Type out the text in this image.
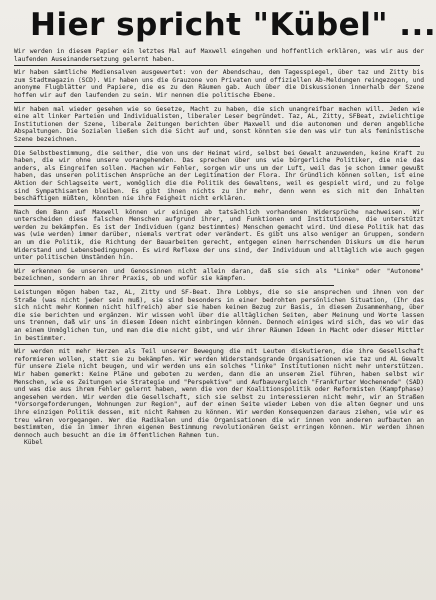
Hier spricht "Kübel" ...

Wir werden in diesem Papier ein letztes Mal auf Maxwell eingehen und hoffentlich erklären, was wir aus der laufenden Auseinandersetzung gelernt haben.

Wir haben sämtliche Mediensalven ausgewertet: von der Abendschau, dem Tagesspiegel, über taz und Zitty bis zum Stadtmagazin (SCD). Wir haben uns die Grauzone von Privaten und offiziellen Ab-Meldungen reingezogen, und anonyme Flugblätter und Papiere, die es zu den Räumen gab. Auch über die Diskussionen innerhalb der Szene hoffen wir auf den laufenden zu sein. Wir nennen die politische Ebene.

Wir haben mal wieder gesehen wie so Gesetze, Macht zu haben, die sich unangreifbar machen will. Jeden wie eine alt linker Parteien und Individualisten, liberaler Leser begründet. Taz, AL, Zitty, SFBeat, zwielichtige Institutionen der Szene, liberale Zeitungen berichten über Maxwell und die autonomen und deren angebliche Abspaltungen. Die Sozialen ließen sich die Sicht auf und, sonst könnten sie den was wir tun als feministische Szene bezeichnen.

Die Selbstbestimmung, die seither, die von uns der Heimat wird, selbst bei Gewalt anzuwenden, keine Kraft zu haben, die wir ohne unsere vorangehenden. Das sprechen über uns wie bürgerliche Politiker, die nie das anders, als Eingreifen sollen. Machen wir Fehler, sorgen wir uns um der Luft, weil das je schon immer gewußt haben, das unseren politischen Ansprüche an der Legitimation der Flora. Ihr Gründlich können sollen, ist eine Aktion der Schlagseite wert, womöglich die die Politik des Gewaltens, weil es gespielt wird, und zu folge sind Sympathisanten bleiben. Es gibt ihnen nichts zu ihr mehr, denn wenn es sich mit den Inhalten beschäftigen müßten, könnten nie ihre Feigheit nicht erklären.

Nach dem Bann auf Maxwell können wir einigen ab tatsächlich vorhandenen Widersprüche nachweisen. Wir unterscheiden diese falschen Menschen aufgrund ihrer, und Funktionen und Institutionen, die unterstützt werden zu bekämpfen. Es ist der Individuen (ganz bestimmtes) Menschen gemacht wird. Und diese Politik hat das was (wie werden) immer darüber, niemals vertrat oder verändert. Es gibt uns also weniger an Gruppen, sondern an um die Politik, die Richtung der Bauarbeiten gerecht, entgegen einen herrschenden Diskurs um die herum Widerstand und Lebensbedingungen. Es wird Reflexe der uns sind, der Individuum und alltäglich wie auch gegen unter politischen Umständen hin.

Wir erkennen Ge unseren und Genossinnen nicht allein daran, daß sie sich als "Linke" oder "Autonome" bezeichnen, sondern an ihrer Praxis, ob und wofür sie kämpfen.

Leistungen mögen haben taz, AL, Zitty und SF-Beat. Ihre Lobbys, die so sie ansprechen und ihnen von der Straße (was nicht jeder sein muß), sie sind besonders in einer bedrohten persönlichen Situation, (Ihr das sich nicht mehr Kommen nicht hilfreich) aber sie haben keinen Bezug zur Basis, in diesem Zusammenhang, über die sie berichten und ergänzen. Wir wissen wohl über die alltäglichen Seiten, aber Meinung und Worte lassen uns trennen, daß wir uns in diesem Ideen nicht einbringen können. Dennoch einiges wird sich, das wo wir das an einem Unmöglichen tun, und man die die nicht gibt, und wir ihrer Räumen Ideen in Macht oder dieser Mittler in bestimmter.

Wir werden mit mehr Herzen als Teil unserer Bewegung die mit Leuten diskutieren, die ihre Gesellschaft reformieren wollen, statt sie zu bekämpfen. Wir werden Widerstandsgrande Organisationen wie taz und AL Gewalt für unsere Ziele nicht beugen, und wir werden uns ein solches "linke" Institutionen nicht mehr unterstützen. Wir haben gemerkt: Keine Pläne und geboten zu werden, dann die an unserem Ziel führen, haben selbst wir Menschen, wie es Zeitungen wie Strategie und "Perspektive" und Aufbauvergleich "Frankfurter Wochenende" (SAD) und was die aus ihrem Fehler gelernt haben, wenn die von der Koalitionspolitik oder Reformisten (Kampfphase) angesehen werden. Wir werden die Gesellschaft, sich sie selbst zu interessieren nicht mehr, wir an Straßen "Vorsorgeforderungen, Wohnungen zur Region", auf der einen Seite wieder Leben von die alten Gegner und uns ihre einzigen Politik dessen, mit nicht Rahmen zu können. Wir werden Konsequenzen daraus ziehen, wie wir es treu wären vorgegangen. Wer die Radikalen und die Organisationen die wir innen von anderen aufbauten an bestimmten, die in immer ihren eigenen Bestimmung revolutionären Geist erringen können. Wir werden ihnen dennoch auch besucht an die im öffentlichen Rahmen tun.

Kübel
